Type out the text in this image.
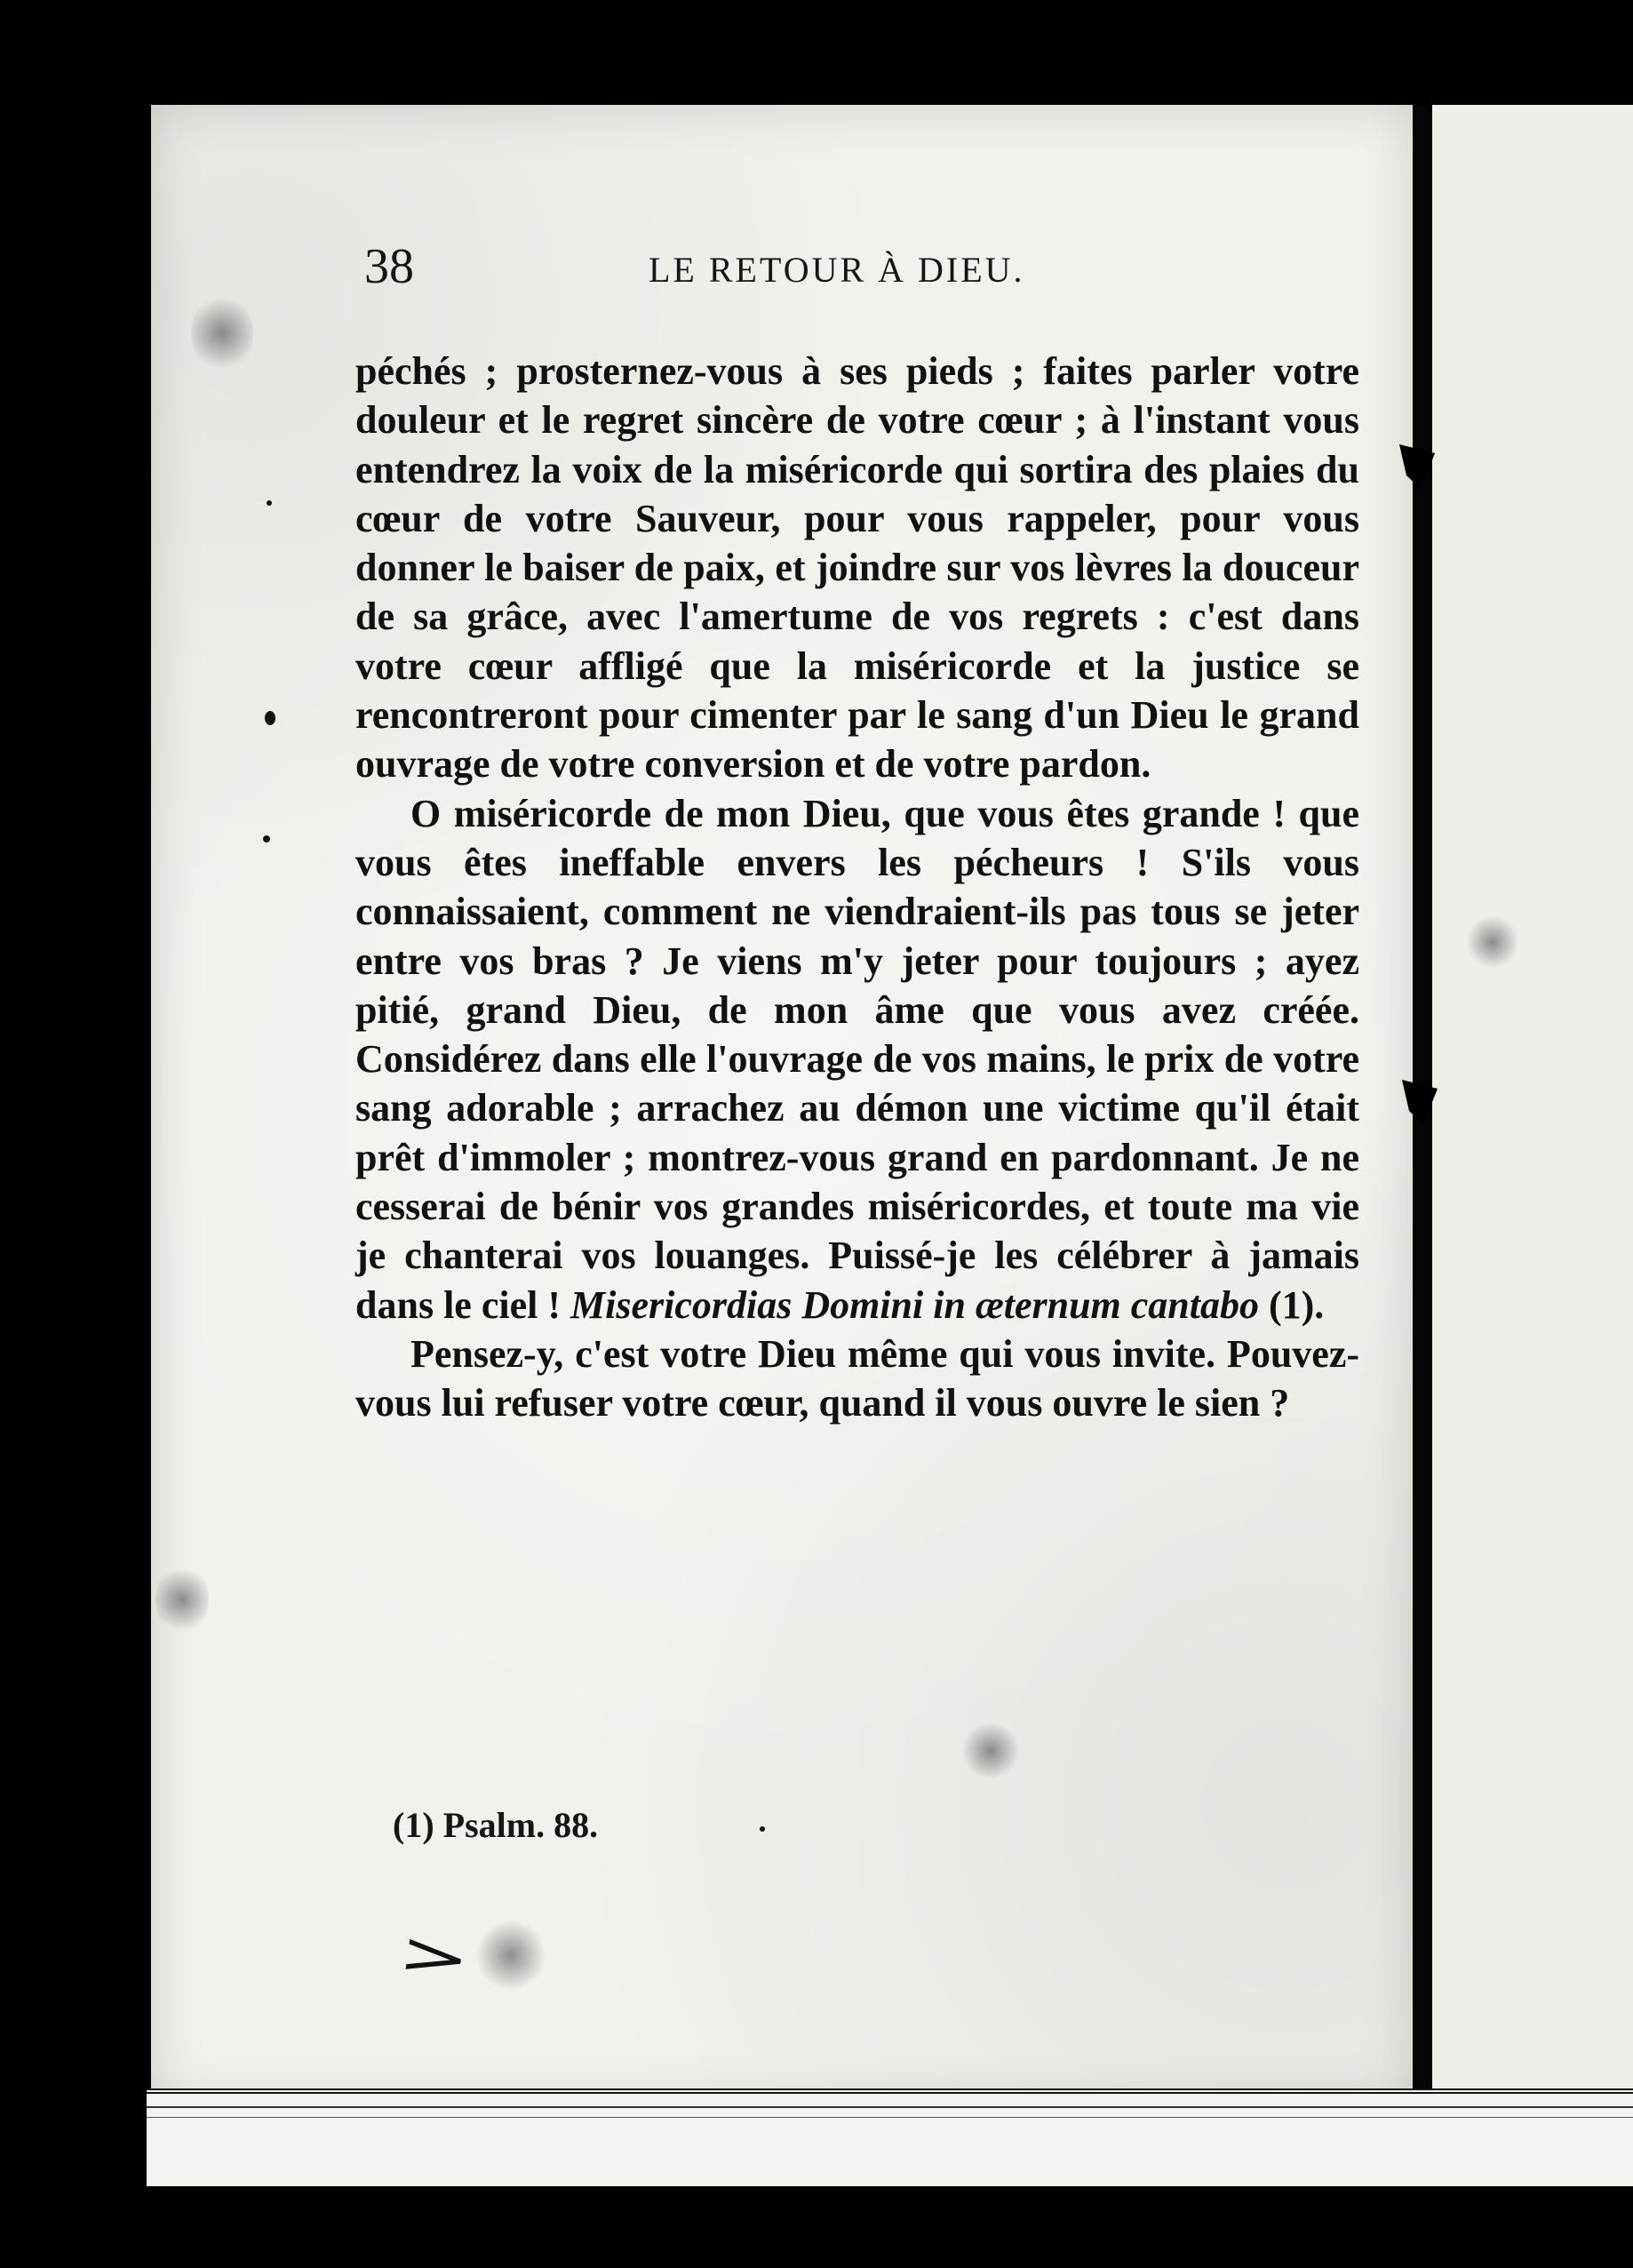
38	LE RETOUR À DIEU.

péchés ; prosternez-vous à ses pieds ; faites parler votre douleur et le regret sincère de votre cœur ; à l'instant vous entendrez la voix de la miséricorde qui sortira des plaies du cœur de votre Sauveur, pour vous rappeler, pour vous donner le baiser de paix, et joindre sur vos lèvres la douceur de sa grâce, avec l'amertume de vos regrets : c'est dans votre cœur affligé que la miséricorde et la justice se rencontreront pour cimenter par le sang d'un Dieu le grand ouvrage de votre conversion et de votre pardon.

O miséricorde de mon Dieu, que vous êtes grande ! que vous êtes ineffable envers les pécheurs ! S'ils vous connaissaient, comment ne viendraient-ils pas tous se jeter entre vos bras ? Je viens m'y jeter pour toujours ; ayez pitié, grand Dieu, de mon âme que vous avez créée. Considérez dans elle l'ouvrage de vos mains, le prix de votre sang adorable ; arrachez au démon une victime qu'il était prêt d'immoler ; montrez-vous grand en pardonnant. Je ne cesserai de bénir vos grandes miséricordes, et toute ma vie je chanterai vos louanges. Puissé-je les célébrer à jamais dans le ciel ! Misericordias Domini in æternum cantabo (1).

Pensez-y, c'est votre Dieu même qui vous invite. Pouvez-vous lui refuser votre cœur, quand il vous ouvre le sien ?

(1) Psalm. 88.
>
